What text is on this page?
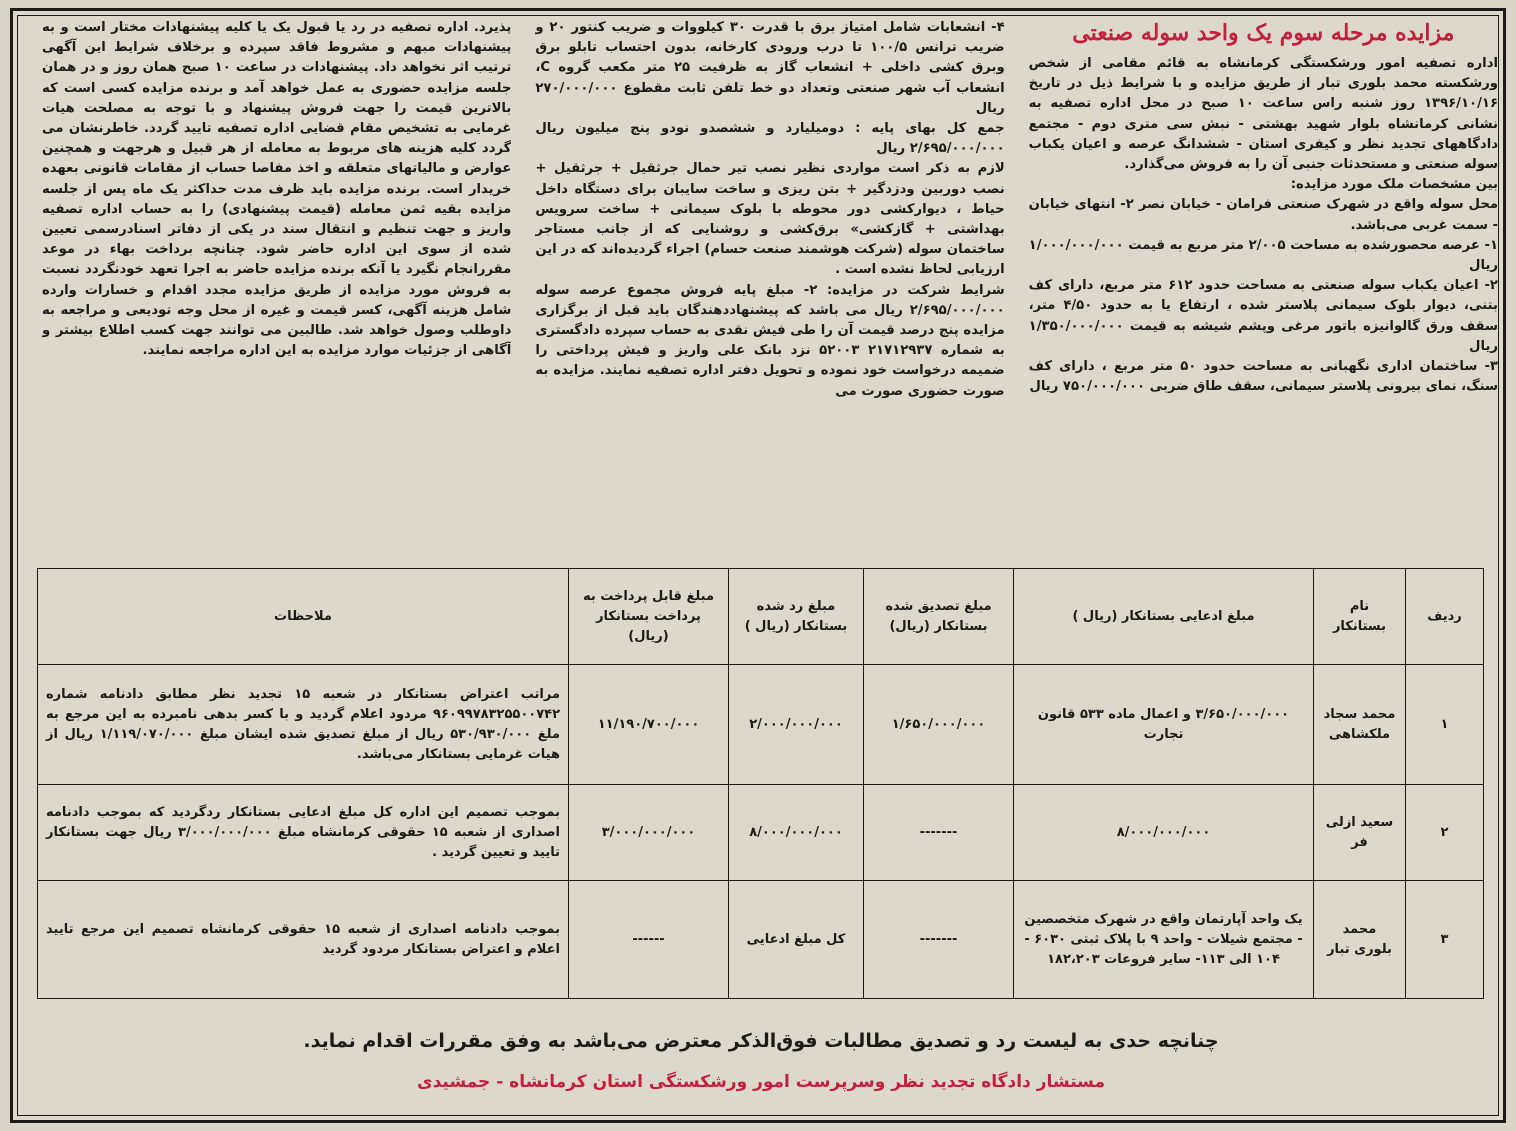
مزایده مرحله سوم یک واحد سوله صنعتی

اداره تصفیه امور ورشکستگی کرمانشاه به قائم مقامی از شخص ورشکسته محمد بلوری تبار از طریق مزایده و با شرایط ذیل در تاریخ ۱۳۹۶/۱۰/۱۶ روز شنبه راس ساعت ۱۰ صبح در محل اداره تصفیه به نشانی کرمانشاه بلوار شهید بهشتی - نبش سی متری دوم - مجتمع دادگاههای تجدید نظر و کیفری استان - ششدانگ عرصه و اعیان یکباب سوله صنعتی و مستحدثات جنبی آن را به فروش می‌گذارد.

بین مشخصات ملک مورد مزایده:

محل سوله واقع در شهرک صنعتی فرامان - خیابان نصر ۲- انتهای خیابان - سمت غربی می‌باشد.

۱- عرصه محصورشده به مساحت ۲/۰۰۵ متر مربع به قیمت ۱/۰۰۰/۰۰۰/۰۰۰ ریال

۲- اعیان یکباب سوله صنعتی به مساحت حدود ۶۱۲ متر مربع، دارای کف بتنی، دیوار بلوک سیمانی پلاستر شده ، ارتفاع یا به حدود ۴/۵۰ متر، سقف ورق گالوانیزه باتور مرغی وپشم شیشه به قیمت ۱/۳۵۰/۰۰۰/۰۰۰ ریال

۳- ساختمان اداری نگهبانی به مساحت حدود ۵۰ متر مربع ، دارای کف سنگ، نمای بیرونی پلاستر سیمانی، سقف طاق ضربی ۷۵۰/۰۰۰/۰۰۰ ریال

۴- انشعابات شامل امتیاز برق با قدرت ۳۰ کیلووات و ضریب کنتور ۲۰ و ضریب ترانس ۱۰۰/۵ تا درب ورودی کارخانه، بدون احتساب تابلو برق وبرق کشی داخلی + انشعاب گاز به ظرفیت ۲۵ متر مکعب گروه C، انشعاب آب شهر صنعتی وتعداد دو خط تلفن ثابت مقطوع ۲۷۰/۰۰۰/۰۰۰ ریال

جمع کل بهای پایه : دومیلیارد و ششصدو نودو پنج میلیون ریال ۲/۶۹۵/۰۰۰/۰۰۰ ریال

لازم به ذکر است مواردی نظیر نصب تیر حمال جرثقیل + جرثقیل + نصب دوربین ودزدگیر + بتن ریزی و ساخت سایبان برای دستگاه داخل حیاط ، دیوارکشی دور محوطه با بلوک سیمانی + ساخت سرویس بهداشتی + گازکشی» برق‌کشی و روشنایی که از جانب مستاجر ساختمان سوله (شرکت هوشمند صنعت حسام) اجراء گردیده‌اند که در این ارزیابی لحاظ نشده است .

شرایط شرکت در مزایده: ۲- مبلغ پایه فروش مجموع عرصه سوله ۲/۶۹۵/۰۰۰/۰۰۰ ریال می باشد که پیشنهاددهندگان باید قبل از برگزاری مزایده پنج درصد قیمت آن را طی فیش نقدی به حساب سپرده دادگستری به شماره ۲۱۷۱۲۹۳۷ ۵۲۰۰۳ نزد بانک علی واریز و فیش پرداختی را ضمیمه درخواست خود نموده و تحویل دفتر اداره تصفیه نمایند. مزایده به صورت حضوری صورت می

پذیرد. اداره تصفیه در رد یا قبول یک یا کلیه پیشنهادات مختار است و به پیشنهادات مبهم و مشروط فاقد سپرده و برخلاف شرایط این آگهی ترتیب اثر نخواهد داد. پیشنهادات در ساعت ۱۰ صبح همان روز و در همان جلسه مزایده حضوری به عمل خواهد آمد و برنده مزایده کسی است که بالاترین قیمت را جهت فروش پیشنهاد و با توجه به مصلحت هیات غرمایی به تشخیص مقام قضایی اداره تصفیه تایید گردد. خاطرنشان می گردد کلیه هزینه های مربوط به معامله از هر قبیل و هرجهت و همچنین عوارض و مالیاتهای متعلقه و اخذ مفاصا حساب از مقامات قانونی بعهده خریدار است. برنده مزایده باید ظرف مدت حداکثر یک ماه پس از جلسه مزایده بقیه ثمن معامله (قیمت پیشنهادی) را به حساب اداره تصفیه واریز و جهت تنظیم و انتقال سند در یکی از دفاتر اسنادرسمی تعیین شده از سوی این اداره حاضر شود. چنانچه برداخت بهاء در موعد مقررانجام نگیرد یا آنکه برنده مزایده حاضر به اجرا تعهد خودنگردد نسبت به فروش مورد مزایده از طریق مزایده مجدد اقدام و خسارات وارده شامل هزینه آگهی، کسر قیمت و غیره از محل وجه تودیعی و مراجعه به داوطلب وصول خواهد شد. طالبین می توانند جهت کسب اطلاع بیشتر و آگاهی از جزئیات موارد مزایده به این اداره مراجعه نمایند.

ردیف	نام بستانکار	مبلغ ادعایی بستانکار (ریال )	مبلغ تصدیق شده بستانکار (ریال)	مبلغ رد شده بستانکار (ریال )	مبلغ قابل پرداخت به پرداخت بستانکار (ریال)	ملاحظات
۱	محمد سجاد ملکشاهی	۳/۶۵۰/۰۰۰/۰۰۰ و اعمال ماده ۵۳۳ قانون تجارت	۱/۶۵۰/۰۰۰/۰۰۰	۲/۰۰۰/۰۰۰/۰۰۰	۱۱/۱۹۰/۷۰۰/۰۰۰	مراتب اعتراض بستانکار در شعبه ۱۵ تجدید نظر مطابق دادنامه شماره ۹۶۰۹۹۷۸۳۲۵۵۰۰۷۴۲ مردود اعلام گردید و با کسر بدهی نامبرده به این مرجع به ملغ ۵۳۰/۹۳۰/۰۰۰ ریال از مبلغ تصدیق شده ایشان مبلغ ۱/۱۱۹/۰۷۰/۰۰۰ ریال از هیات غرمایی بستانکار می‌باشد.
۲	سعید ازلی فر	۸/۰۰۰/۰۰۰/۰۰۰	-------	۸/۰۰۰/۰۰۰/۰۰۰	۳/۰۰۰/۰۰۰/۰۰۰	بموجب تصمیم این اداره کل مبلغ ادعایی بستانکار ردگردید که بموجب دادنامه اصداری از شعبه ۱۵ حقوقی کرمانشاه مبلغ ۳/۰۰۰/۰۰۰/۰۰۰ ریال جهت بستانکار تایید و تعیین گردید .
۳	محمد بلوری تبار	یک واحد آپارتمان واقع در شهرک متخصصین - مجتمع شیلات - واحد ۹ با پلاک ثبتی ۶۰۳۰ - ۱۰۴ الی ۱۱۳- سایر فروعات ۱۸۲،۲۰۳	-------	کل مبلغ ادعایی	------	بموجب دادنامه اصداری از شعبه ۱۵ حقوقی کرمانشاه تصمیم این مرجع تایید اعلام و اعتراض بستانکار مردود گردید
چنانچه حدی به لیست رد و تصدیق مطالبات فوق‌الذکر معترض می‌باشد به وفق مقررات اقدام نماید.
مستشار دادگاه تجدید نظر وسرپرست امور ورشکستگی استان کرمانشاه - جمشیدی
